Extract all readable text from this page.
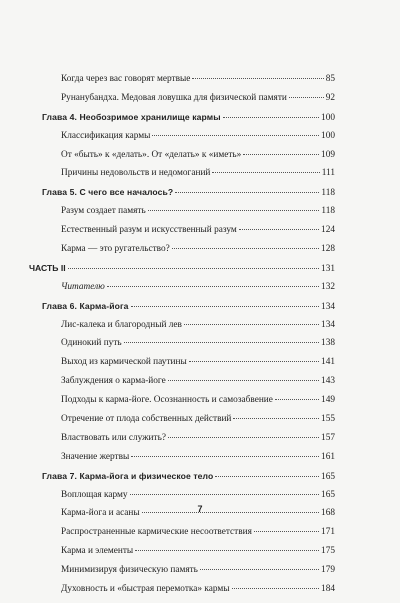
Когда через вас говорят мертвые	85
Рунанубандха. Медовая ловушка для физической памяти	92
Глава 4. Необозримое хранилище кармы	100
Классификация кармы	100
От «быть» к «делать». От «делать» к «иметь»	109
Причины недовольств и недомоганий	111
Глава 5. С чего все началось?	118
Разум создает память	118
Естественный разум и искусственный разум	124
Карма — это ругательство?	128
ЧАСТЬ II	131
Читателю	132
Глава 6. Карма-йога	134
Лис-калека и благородный лев	134
Одинокий путь	138
Выход из кармической паутины	141
Заблуждения о карма-йоге	143
Подходы к карма-йоге. Осознанность и самозабвение	149
Отречение от плода собственных действий	155
Властвовать или служить?	157
Значение жертвы	161
Глава 7. Карма-йога и физическое тело	165
Воплощая карму	165
Карма-йога и асаны	168
Распространенные кармические несоответствия	171
Карма и элементы	175
Минимизируя физическую память	179
Духовность и «быстрая перемотка» кармы	184
7
